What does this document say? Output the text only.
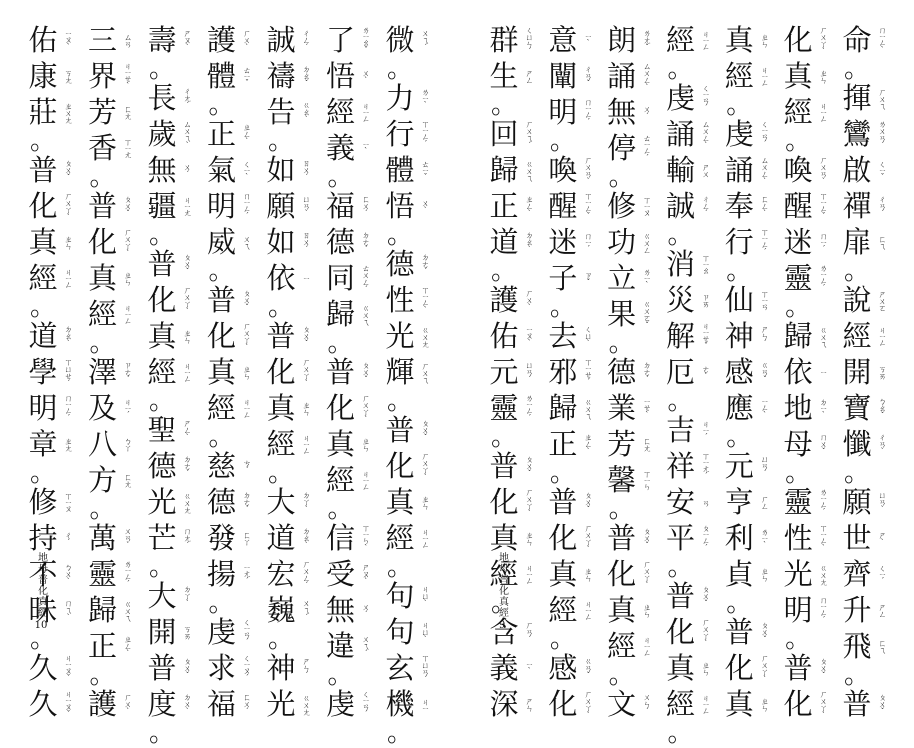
微 ㄨㄟˊ
。
力 ㄌㄧˋ
行 ㄒㄧㄥˊ
體 ㄊㄧˇ
悟 ㄨˋ
。
德 ㄉㄜˊ
性 ㄒㄧㄥˋ
光 ㄍㄨㄤ
輝 ㄏㄨㄟ
。
普 ㄆㄨˇ
化 ㄏㄨㄚˋ
真 ㄓㄣ
經 ㄐㄧㄥ
。
句 ㄐㄩˋ
句 ㄐㄩˋ
玄 ㄒㄩㄢˊ
機 ㄐㄧ
。
了 ㄌㄧㄠˇ
悟 ㄨˋ
經 ㄐㄧㄥ
義 ㄧˋ
。
福 ㄈㄨˊ
德 ㄉㄜˊ
同 ㄊㄨㄥˊ
歸 ㄍㄨㄟ
。
普 ㄆㄨˇ
化 ㄏㄨㄚˋ
真 ㄓㄣ
經 ㄐㄧㄥ
。
信 ㄒㄧㄣˋ
受 ㄕㄡˋ
無 ㄨˊ
違 ㄨㄟˊ
。
虔 ㄑㄧㄢˊ
誠 ㄔㄥˊ
禱 ㄉㄠˇ
告 ㄍㄠˋ
。
如 ㄖㄨˊ
願 ㄩㄢˋ
如 ㄖㄨˊ
依 ㄧ
。
普 ㄆㄨˇ
化 ㄏㄨㄚˋ
真 ㄓㄣ
經 ㄐㄧㄥ
。
大 ㄉㄚˋ
道 ㄉㄠˋ
宏 ㄏㄨㄥˊ
巍 ㄨㄟˊ
。
神 ㄕㄣˊ
光 ㄍㄨㄤ
護 ㄏㄨˋ
體 ㄊㄧˇ
。
正 ㄓㄥˋ
氣 ㄑㄧˋ
明 ㄇㄧㄥˊ
威 ㄨㄟ
。
普 ㄆㄨˇ
化 ㄏㄨㄚˋ
真 ㄓㄣ
經 ㄐㄧㄥ
。
慈 ㄘˊ
德 ㄉㄜˊ
發 ㄈㄚ
揚 ㄧㄤˊ
。
虔 ㄑㄧㄢˊ
求 ㄑㄧㄡˊ
福 ㄈㄨˊ
壽 ㄕㄡˋ
。
長 ㄔㄤˊ
歲 ㄙㄨㄟˋ
無 ㄨˊ
疆 ㄐㄧㄤ
。
普 ㄆㄨˇ
化 ㄏㄨㄚˋ
真 ㄓㄣ
經 ㄐㄧㄥ
。
聖 ㄕㄥˋ
德 ㄉㄜˊ
光 ㄍㄨㄤ
芒 ㄇㄤˊ
。
大 ㄉㄚˋ
開 ㄎㄞ
普 ㄆㄨˇ
度 ㄉㄨˋ
。
三 ㄙㄢ
界 ㄐㄧㄝˋ
芳 ㄈㄤ
香 ㄒㄧㄤ
。
普 ㄆㄨˇ
化 ㄏㄨㄚˋ
真 ㄓㄣ
經 ㄐㄧㄥ
。
澤 ㄗㄜˊ
及 ㄐㄧˊ
八 ㄅㄚ
方 ㄈㄤ
。
萬 ㄨㄢˋ
靈 ㄌㄧㄥˊ
歸 ㄍㄨㄟ
正 ㄓㄥˋ
。
護 ㄏㄨˋ
佑 ㄧㄡˋ
康 ㄎㄤ
莊 ㄓㄨㄤ
。
普 ㄆㄨˇ
化 ㄏㄨㄚˋ
真 ㄓㄣ
經 ㄐㄧㄥ
。
道 ㄉㄠˋ
學 ㄒㄩㄝˊ
明 ㄇㄧㄥˊ
章 ㄓㄤ
。
修 ㄒㄧㄡ
持 ㄔˊ
不 ㄅㄨˋ
昧 ㄇㄟˋ
。
久 ㄐㄧㄡˇ
久 ㄐㄧㄡˇ
地母普化真經
10
命 ㄇㄧㄥˋ
。
揮 ㄏㄨㄟ
鸞 ㄌㄨㄢˊ
啟 ㄑㄧˇ
禪 ㄔㄢˊ
扉 ㄈㄟ
。
說 ㄕㄨㄛ
經 ㄐㄧㄥ
開 ㄎㄞ
寶 ㄅㄠˇ
懺 ㄔㄢˋ
。
願 ㄩㄢˋ
世 ㄕˋ
齊 ㄑㄧˊ
升 ㄕㄥ
飛 ㄈㄟ
。
普 ㄆㄨˇ
化 ㄏㄨㄚˋ
真 ㄓㄣ
經 ㄐㄧㄥ
。
喚 ㄏㄨㄢˋ
醒 ㄒㄧㄥˇ
迷 ㄇㄧˊ
靈 ㄌㄧㄥˊ
。
歸 ㄍㄨㄟ
依 ㄧ
地 ㄉㄧˋ
母 ㄇㄨˇ
。
靈 ㄌㄧㄥˊ
性 ㄒㄧㄥˋ
光 ㄍㄨㄤ
明 ㄇㄧㄥˊ
。
普 ㄆㄨˇ
化 ㄏㄨㄚˋ
真 ㄓㄣ
經 ㄐㄧㄥ
。
虔 ㄑㄧㄢˊ
誦 ㄙㄨㄥˋ
奉 ㄈㄥˋ
行 ㄒㄧㄥˊ
。
仙 ㄒㄧㄢ
神 ㄕㄣˊ
感 ㄍㄢˇ
應 ㄧㄥˋ
。
元 ㄩㄢˊ
亨 ㄏㄥ
利 ㄌㄧˋ
貞 ㄓㄣ
。
普 ㄆㄨˇ
化 ㄏㄨㄚˋ
真 ㄓㄣ
經 ㄐㄧㄥ
。
虔 ㄑㄧㄢˊ
誦 ㄙㄨㄥˋ
輸 ㄕㄨ
誠 ㄔㄥˊ
。
消 ㄒㄧㄠ
災 ㄗㄞ
解 ㄐㄧㄝˇ
厄 ㄜˋ
。
吉 ㄐㄧˊ
祥 ㄒㄧㄤˊ
安 ㄢ
平 ㄆㄧㄥˊ
。
普 ㄆㄨˇ
化 ㄏㄨㄚˋ
真 ㄓㄣ
經 ㄐㄧㄥ
。
朗 ㄌㄤˇ
誦 ㄙㄨㄥˋ
無 ㄨˊ
停 ㄊㄧㄥˊ
。
修 ㄒㄧㄡ
功 ㄍㄨㄥ
立 ㄌㄧˋ
果 ㄍㄨㄛˇ
。
德 ㄉㄜˊ
業 ㄧㄝˋ
芳 ㄈㄤ
馨 ㄒㄧㄣ
。
普 ㄆㄨˇ
化 ㄏㄨㄚˋ
真 ㄓㄣ
經 ㄐㄧㄥ
。
文 ㄨㄣˊ
意 ㄧˋ
闡 ㄔㄢˇ
明 ㄇㄧㄥˊ
。
喚 ㄏㄨㄢˋ
醒 ㄒㄧㄥˇ
迷 ㄇㄧˊ
子 ㄗˇ
。
去 ㄑㄩˋ
邪 ㄒㄧㄝˊ
歸 ㄍㄨㄟ
正 ㄓㄥˋ
。
普 ㄆㄨˇ
化 ㄏㄨㄚˋ
真 ㄓㄣ
經 ㄐㄧㄥ
。
感 ㄍㄢˇ
化 ㄏㄨㄚˋ
群 ㄑㄩㄣˊ
生 ㄕㄥ
。
回 ㄏㄨㄟˊ
歸 ㄍㄨㄟ
正 ㄓㄥˋ
道 ㄉㄠˋ
。
護 ㄏㄨˋ
佑 ㄧㄡˋ
元 ㄩㄢˊ
靈 ㄌㄧㄥˊ
。
普 ㄆㄨˇ
化 ㄏㄨㄚˋ
真 ㄓㄣ
經 ㄐㄧㄥ
。
含 ㄏㄢˊ
義 ㄧˋ
深 ㄕㄣ
地母普化真經
9
